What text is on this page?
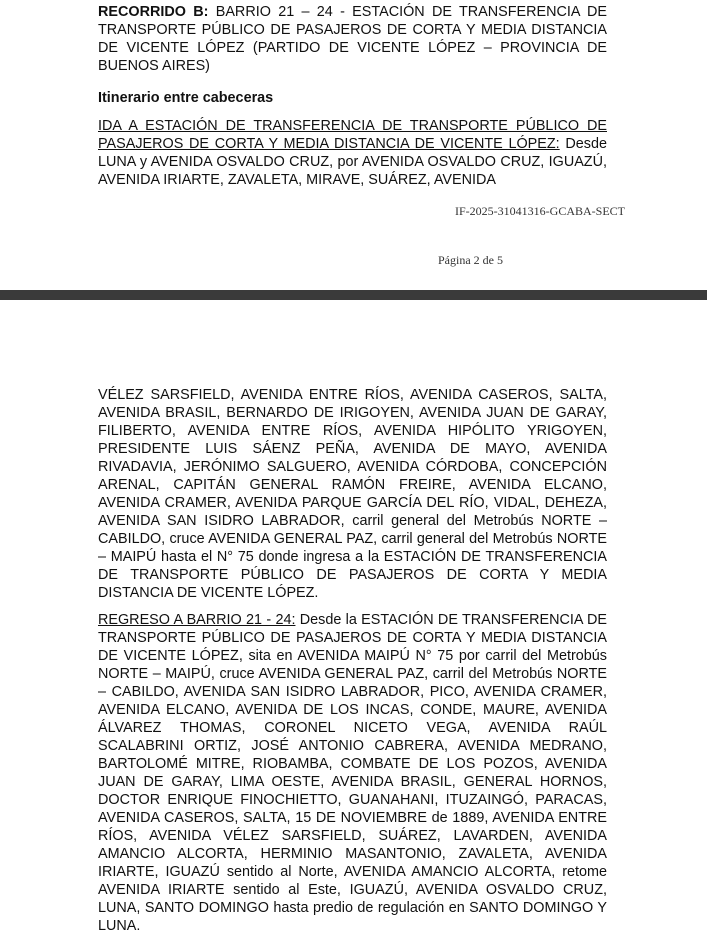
RECORRIDO B: BARRIO 21 – 24 - ESTACIÓN DE TRANSFERENCIA DE TRANSPORTE PÚBLICO DE PASAJEROS DE CORTA Y MEDIA DISTANCIA DE VICENTE LÓPEZ (PARTIDO DE VICENTE LÓPEZ – PROVINCIA DE BUENOS AIRES)

Itinerario entre cabeceras

IDA A ESTACIÓN DE TRANSFERENCIA DE TRANSPORTE PÚBLICO DE PASAJEROS DE CORTA Y MEDIA DISTANCIA DE VICENTE LÓPEZ: Desde LUNA y AVENIDA OSVALDO CRUZ, por AVENIDA OSVALDO CRUZ, IGUAZÚ, AVENIDA IRIARTE, ZAVALETA, MIRAVE, SUÁREZ, AVENIDA

IF-2025-31041316-GCABA-SECT
Página 2 de 5

VÉLEZ SARSFIELD, AVENIDA ENTRE RÍOS, AVENIDA CASEROS, SALTA, AVENIDA BRASIL, BERNARDO DE IRIGOYEN, AVENIDA JUAN DE GARAY, FILIBERTO, AVENIDA ENTRE RÍOS, AVENIDA HIPÓLITO YRIGOYEN, PRESIDENTE LUIS SÁENZ PEÑA, AVENIDA DE MAYO, AVENIDA RIVADAVIA, JERÓNIMO SALGUERO, AVENIDA CÓRDOBA, CONCEPCIÓN ARENAL, CAPITÁN GENERAL RAMÓN FREIRE, AVENIDA ELCANO, AVENIDA CRAMER, AVENIDA PARQUE GARCÍA DEL RÍO, VIDAL, DEHEZA, AVENIDA SAN ISIDRO LABRADOR, carril general del Metrobús NORTE – CABILDO, cruce AVENIDA GENERAL PAZ, carril general del Metrobús NORTE – MAIPÚ hasta el N° 75 donde ingresa a la ESTACIÓN DE TRANSFERENCIA DE TRANSPORTE PÚBLICO DE PASAJEROS DE CORTA Y MEDIA DISTANCIA DE VICENTE LÓPEZ.

REGRESO A BARRIO 21 - 24: Desde la ESTACIÓN DE TRANSFERENCIA DE TRANSPORTE PÚBLICO DE PASAJEROS DE CORTA Y MEDIA DISTANCIA DE VICENTE LÓPEZ, sita en AVENIDA MAIPÚ N° 75 por carril del Metrobús NORTE – MAIPÚ, cruce AVENIDA GENERAL PAZ, carril del Metrobús NORTE – CABILDO, AVENIDA SAN ISIDRO LABRADOR, PICO, AVENIDA CRAMER, AVENIDA ELCANO, AVENIDA DE LOS INCAS, CONDE, MAURE, AVENIDA ÁLVAREZ THOMAS, CORONEL NICETO VEGA, AVENIDA RAÚL SCALABRINI ORTIZ, JOSÉ ANTONIO CABRERA, AVENIDA MEDRANO, BARTOLOMÉ MITRE, RIOBAMBA, COMBATE DE LOS POZOS, AVENIDA JUAN DE GARAY, LIMA OESTE, AVENIDA BRASIL, GENERAL HORNOS, DOCTOR ENRIQUE FINOCHIETTO, GUANAHANI, ITUZAINGÓ, PARACAS, AVENIDA CASEROS, SALTA, 15 DE NOVIEMBRE de 1889, AVENIDA ENTRE RÍOS, AVENIDA VÉLEZ SARSFIELD, SUÁREZ, LAVARDEN, AVENIDA AMANCIO ALCORTA, HERMINIO MASANTONIO, ZAVALETA, AVENIDA IRIARTE, IGUAZÚ sentido al Norte, AVENIDA AMANCIO ALCORTA, retome AVENIDA IRIARTE sentido al Este, IGUAZÚ, AVENIDA OSVALDO CRUZ, LUNA, SANTO DOMINGO hasta predio de regulación en SANTO DOMINGO Y LUNA.
